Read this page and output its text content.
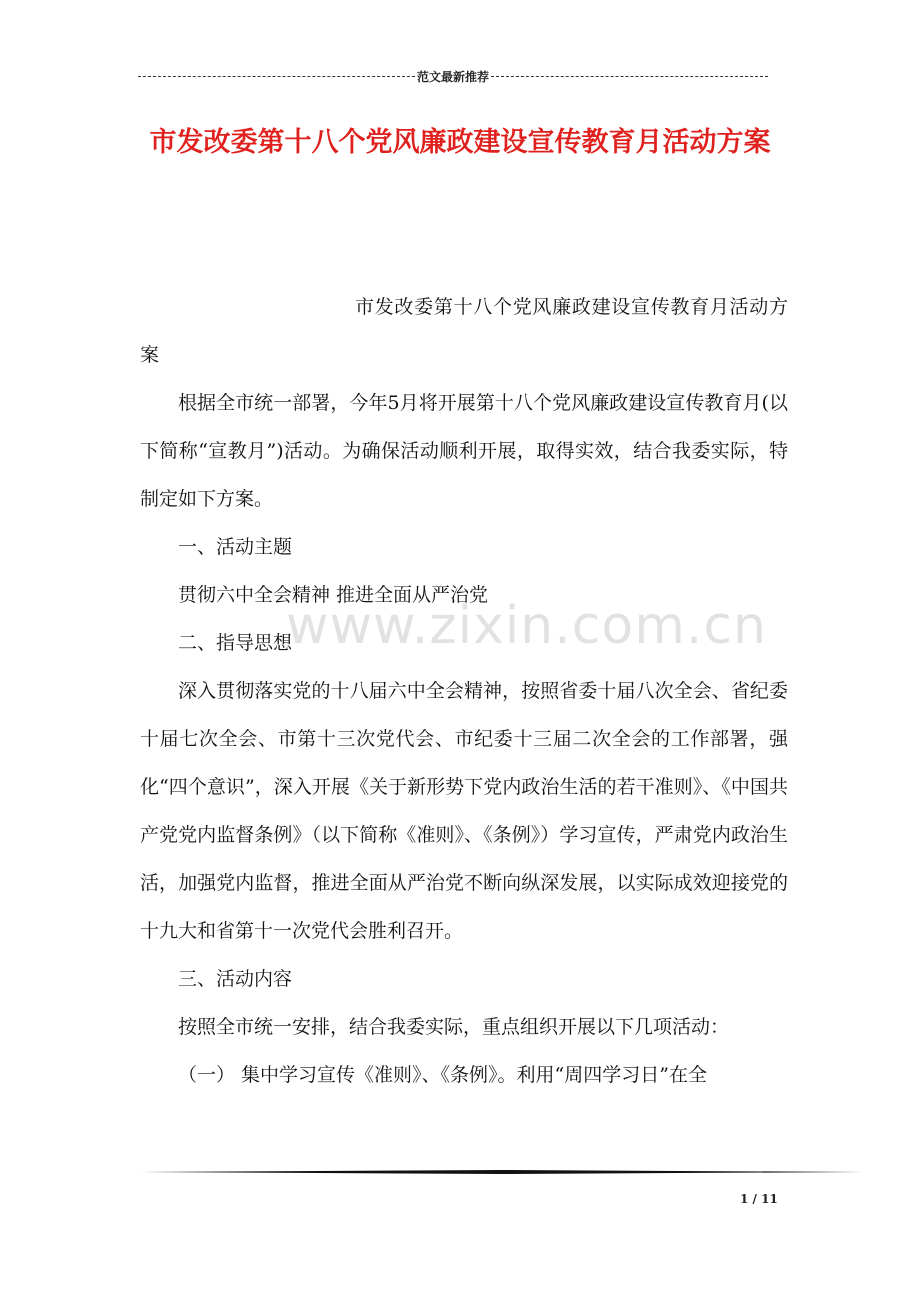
范文最新推荐
市发改委第十八个党风廉政建设宣传教育月活动方案

市发改委第十八个党风廉政建设宣传教育月活动方案

根据全市统一部署，今年5月将开展第十八个党风廉政建设宣传教育月(以下简称“宣教月”)活动。为确保活动顺利开展，取得实效，结合我委实际，特制定如下方案。

一、活动主题

贯彻六中全会精神 推进全面从严治党

二、指导思想

深入贯彻落实党的十八届六中全会精神，按照省委十届八次全会、省纪委十届七次全会、市第十三次党代会、市纪委十三届二次全会的工作部署，强化“四个意识”，深入开展《关于新形势下党内政治生活的若干准则》、《中国共产党党内监督条例》（以下简称《准则》、《条例》）学习宣传，严肃党内政治生活，加强党内监督，推进全面从严治党不断向纵深发展，以实际成效迎接党的十九大和省第十一次党代会胜利召开。

三、活动内容

按照全市统一安排，结合我委实际，重点组织开展以下几项活动：

（一） 集中学习宣传《准则》、《条例》。利用“周四学习日”在全

www.zixin.com.cn
1 / 11
